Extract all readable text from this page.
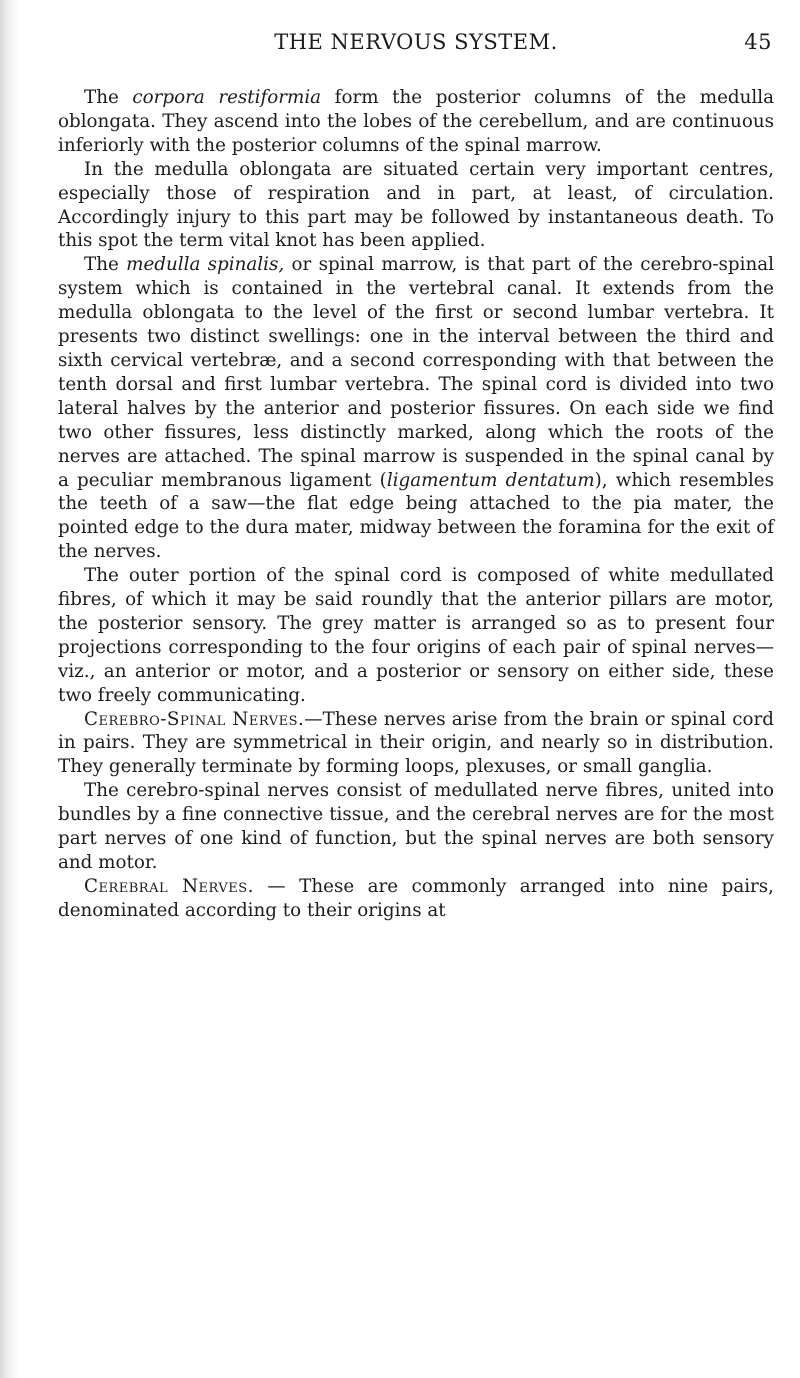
THE NERVOUS SYSTEM.	45

The corpora restiformia form the posterior columns of the medulla oblongata. They ascend into the lobes of the cerebellum, and are continuous inferiorly with the posterior columns of the spinal marrow.

In the medulla oblongata are situated certain very important centres, especially those of respiration and in part, at least, of circulation. Accordingly injury to this part may be followed by instantaneous death. To this spot the term vital knot has been applied.

The medulla spinalis, or spinal marrow, is that part of the cerebro-spinal system which is contained in the vertebral canal. It extends from the medulla oblongata to the level of the first or second lumbar vertebra. It presents two distinct swellings: one in the interval between the third and sixth cervical vertebræ, and a second corresponding with that between the tenth dorsal and first lumbar vertebra. The spinal cord is divided into two lateral halves by the anterior and posterior fissures. On each side we find two other fissures, less distinctly marked, along which the roots of the nerves are attached. The spinal marrow is suspended in the spinal canal by a peculiar membranous ligament (ligamentum dentatum), which resembles the teeth of a saw—the flat edge being attached to the pia mater, the pointed edge to the dura mater, midway between the foramina for the exit of the nerves.

The outer portion of the spinal cord is composed of white medullated fibres, of which it may be said roundly that the anterior pillars are motor, the posterior sensory. The grey matter is arranged so as to present four projections corresponding to the four origins of each pair of spinal nerves—viz., an anterior or motor, and a posterior or sensory on either side, these two freely communicating.

Cerebro-Spinal Nerves.—These nerves arise from the brain or spinal cord in pairs. They are symmetrical in their origin, and nearly so in distribution. They generally terminate by forming loops, plexuses, or small ganglia.

The cerebro-spinal nerves consist of medullated nerve fibres, united into bundles by a fine connective tissue, and the cerebral nerves are for the most part nerves of one kind of function, but the spinal nerves are both sensory and motor.

Cerebral Nerves. — These are commonly arranged into nine pairs, denominated according to their origins at
